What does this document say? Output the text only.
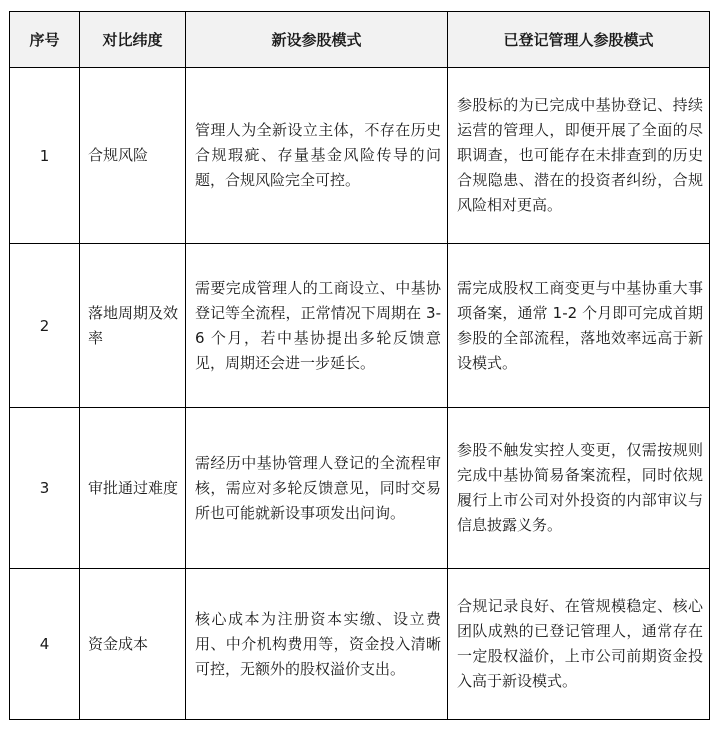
序号	对比纬度	新设参股模式	已登记管理人参股模式
1	合规风险	管理人为全新设立主体，不存在历史合规瑕疵、存量基金风险传导的问题，合规风险完全可控。	参股标的为已完成中基协登记、持续运营的管理人，即便开展了全面的尽职调查，也可能存在未排查到的历史合规隐患、潜在的投资者纠纷，合规风险相对更高。
2	落地周期及效率	需要完成管理人的工商设立、中基协登记等全流程，正常情况下周期在 3-6 个月，若中基协提出多轮反馈意见，周期还会进一步延长。	需完成股权工商变更与中基协重大事项备案，通常 1-2 个月即可完成首期参股的全部流程，落地效率远高于新设模式。
3	审批通过难度	需经历中基协管理人登记的全流程审核，需应对多轮反馈意见，同时交易所也可能就新设事项发出问询。	参股不触发实控人变更，仅需按规则完成中基协简易备案流程，同时依规履行上市公司对外投资的内部审议与信息披露义务。
4	资金成本	核心成本为注册资本实缴、设立费用、中介机构费用等，资金投入清晰可控，无额外的股权溢价支出。	合规记录良好、在管规模稳定、核心团队成熟的已登记管理人，通常存在一定股权溢价，上市公司前期资金投入高于新设模式。
